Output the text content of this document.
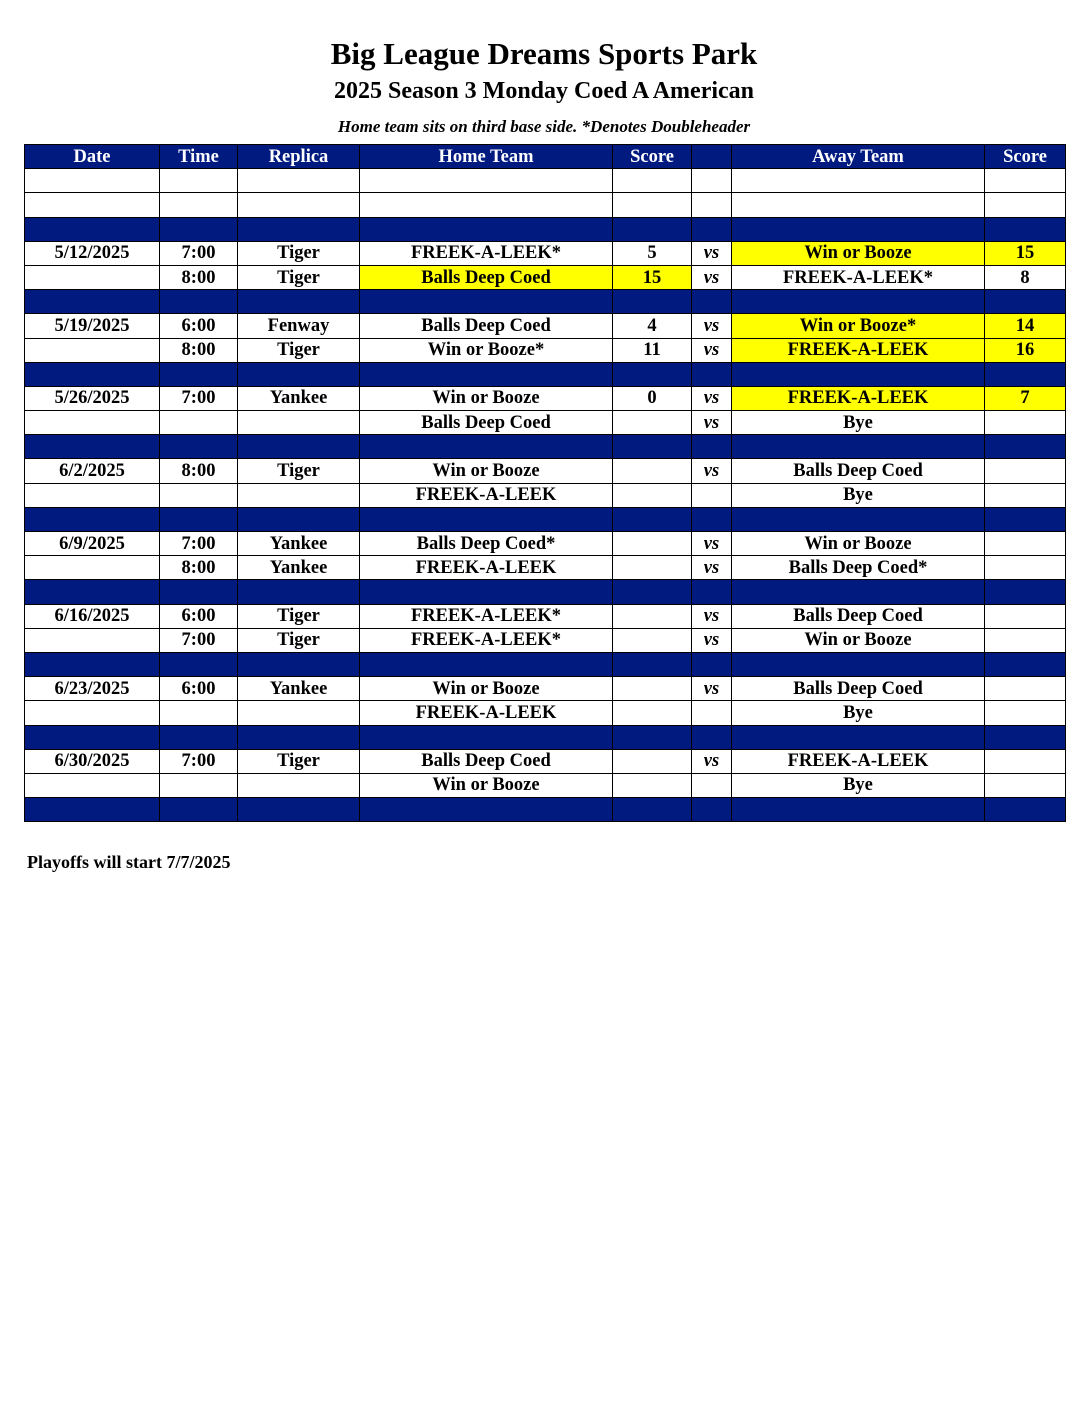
Big League Dreams Sports Park
2025 Season 3 Monday Coed A American
Home team sits on third base side. *Denotes Doubleheader
Date	Time	Replica	Home Team	Score		Away Team	Score

5/12/2025	7:00	Tiger	FREEK-A-LEEK*	5	vs	Win or Booze	15
	8:00	Tiger	Balls Deep Coed	15	vs	FREEK-A-LEEK*	8

5/19/2025	6:00	Fenway	Balls Deep Coed	4	vs	Win or Booze*	14
	8:00	Tiger	Win or Booze*	11	vs	FREEK-A-LEEK	16

5/26/2025	7:00	Yankee	Win or Booze	0	vs	FREEK-A-LEEK	7
			Balls Deep Coed		vs	Bye	

6/2/2025	8:00	Tiger	Win or Booze		vs	Balls Deep Coed	
			FREEK-A-LEEK			Bye	

6/9/2025	7:00	Yankee	Balls Deep Coed*		vs	Win or Booze	
	8:00	Yankee	FREEK-A-LEEK		vs	Balls Deep Coed*	

6/16/2025	6:00	Tiger	FREEK-A-LEEK*		vs	Balls Deep Coed	
	7:00	Tiger	FREEK-A-LEEK*		vs	Win or Booze	

6/23/2025	6:00	Yankee	Win or Booze		vs	Balls Deep Coed	
			FREEK-A-LEEK			Bye	

6/30/2025	7:00	Tiger	Balls Deep Coed		vs	FREEK-A-LEEK	
			Win or Booze			Bye	

Playoffs will start 7/7/2025
